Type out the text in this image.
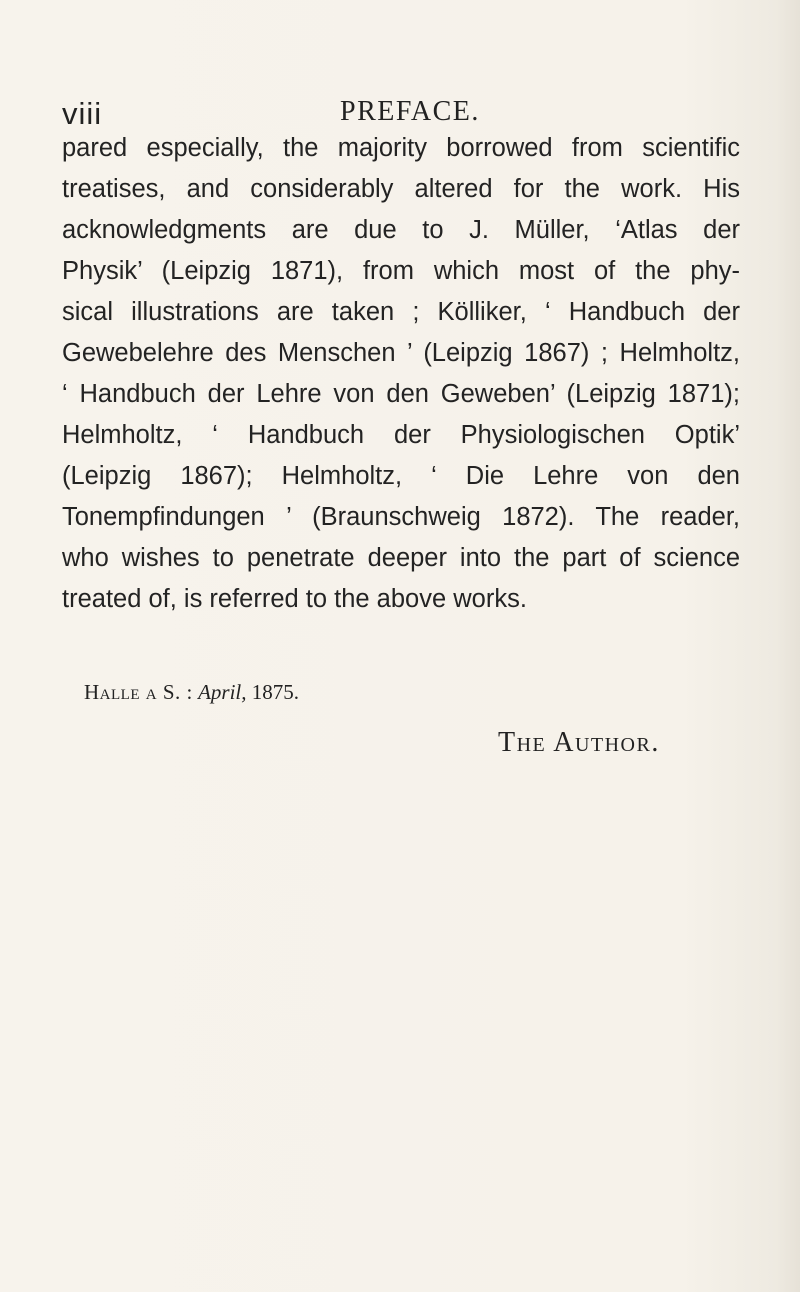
viii	PREFACE.
pared especially, the majority borrowed from scientific
treatises, and considerably altered for the work. His
acknowledgments are due to J. Müller, ‘Atlas der
Physik’ (Leipzig 1871), from which most of the phy-
sical illustrations are taken ; Kölliker, ‘ Handbuch der
Gewebelehre des Menschen ’ (Leipzig 1867) ; Helmholtz,
‘ Handbuch der Lehre von den Geweben’ (Leipzig 1871);
Helmholtz, ‘ Handbuch der Physiologischen Optik’
(Leipzig 1867); Helmholtz, ‘ Die Lehre von den
Tonempfindungen ’ (Braunschweig 1872). The reader,
who wishes to penetrate deeper into the part of science
treated of, is referred to the above works.
The Author.
Halle a S. : April, 1875.
